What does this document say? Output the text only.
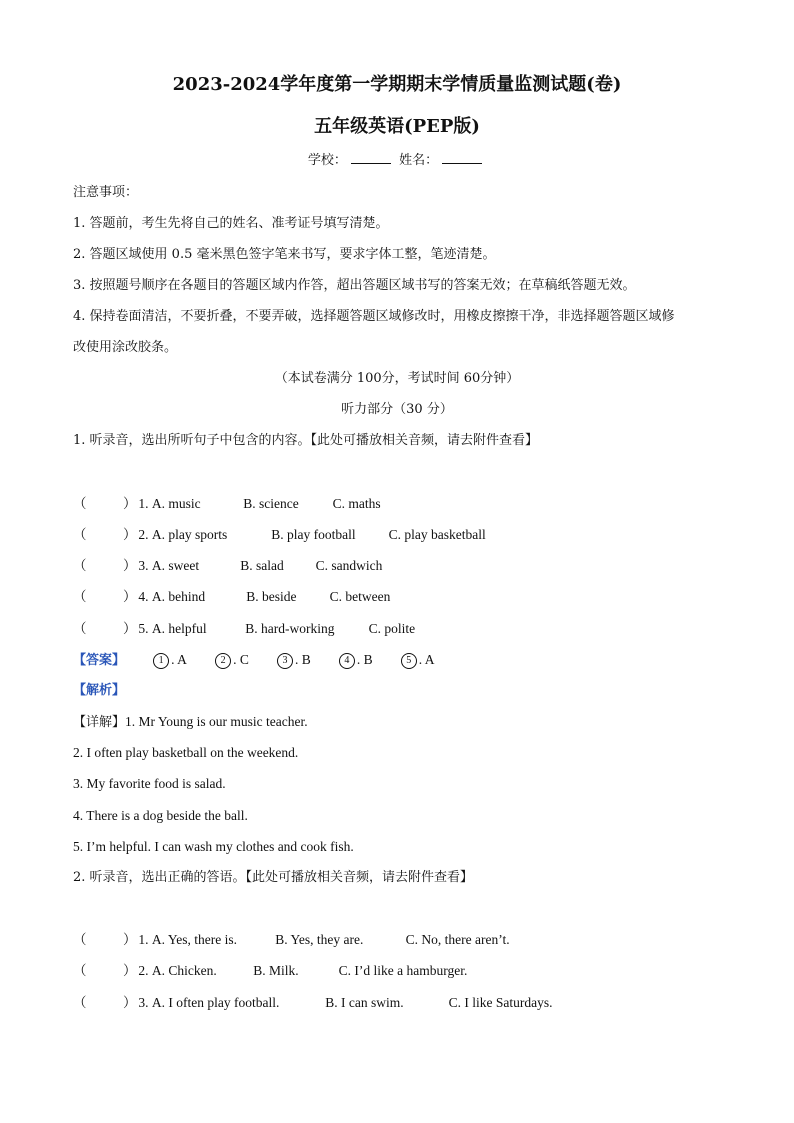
2023-2024学年度第一学期期末学情质量监测试题(卷)
五年级英语(PEP版)
学校：	姓名：
注意事项：
1. 答题前，考生先将自己的姓名、准考证号填写清楚。
2. 答题区域使用 0.5 毫米黑色签字笔来书写，要求字体工整，笔迹清楚。
3. 按照题号顺序在各题目的答题区域内作答，超出答题区域书写的答案无效；在草稿纸答题无效。
4. 保持卷面清洁，不要折叠，不要弄破，选择题答题区域修改时，用橡皮擦擦干净，非选择题答题区域修
改使用涂改胶条。
（本试卷满分 100分，考试时间 60分钟）
听力部分（30 分）
1. 听录音，选出所听句子中包含的内容。【此处可播放相关音频，请去附件查看】
（	） 1. A. music	B. science	C. maths
（	） 2. A. play sports	B. play football C. play basketball
（	） 3. A. sweet	B. salad C. sandwich
（	） 4. A. behind	B. beside C. between
（	） 5. A. helpful	B. hard-working	C. polite
【答案】	1 . A	2 . C	3 . B	4 . B	5 . A
【解析】
【详解】1. Mr Young is our music teacher.
2. I often play basketball on the weekend.
3. My favorite food is salad.
4. There is a dog beside the ball.
5. I’m helpful. I can wash my clothes and cook fish.
2. 听录音，选出正确的答语。【此处可播放相关音频，请去附件查看】
（	） 1. A. Yes, there is.	B. Yes, they are.	C. No, there aren’t.
（	） 2. A. Chicken.	B. Milk.	C. I’d like a hamburger.
（	） 3. A. I often play football.	B. I can swim.	C. I like Saturdays.
